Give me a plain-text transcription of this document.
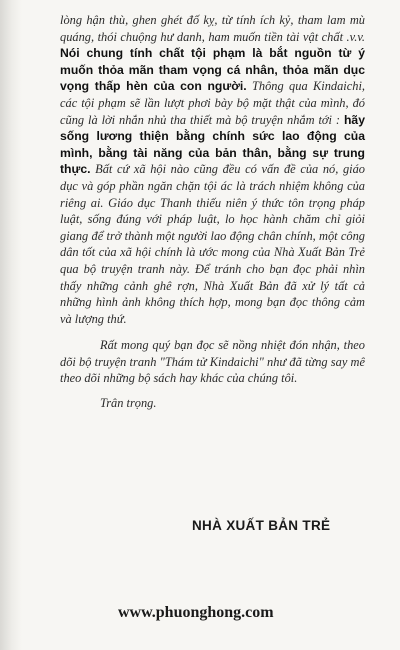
lòng hận thù, ghen ghét đố kỵ, từ tính ích kỷ, tham lam mù quáng, thói chuộng hư danh, ham muốn tiền tài vật chất .v.v. Nói chung tính chất tội phạm là bắt nguồn từ ý muốn thỏa mãn tham vọng cá nhân, thỏa mãn dục vọng thấp hèn của con người. Thông qua Kindaichi, các tội phạm sẽ lần lượt phơi bày bộ mặt thật của mình, đó cũng là lời nhắn nhủ tha thiết mà bộ truyện nhắm tới : hãy sống lương thiện bằng chính sức lao động của mình, bằng tài năng của bản thân, bằng sự trung thực. Bất cứ xã hội nào cũng đều có vấn đề của nó, giáo dục và góp phần ngăn chặn tội ác là trách nhiệm không của riêng ai. Giáo dục Thanh thiếu niên ý thức tôn trọng pháp luật, sống đúng với pháp luật, lo học hành chăm chỉ giỏi giang để trở thành một người lao động chân chính, một công dân tốt của xã hội chính là ước mong của Nhà Xuất Bản Trẻ qua bộ truyện tranh này. Để tránh cho bạn đọc phải nhìn thấy những cảnh ghê rợn, Nhà Xuất Bản đã xử lý tất cả những hình ảnh không thích hợp, mong bạn đọc thông cảm và lượng thứ.

Rất mong quý bạn đọc sẽ nồng nhiệt đón nhận, theo dõi bộ truyện tranh "Thám tử Kindaichi" như đã từng say mê theo dõi những bộ sách hay khác của chúng tôi.

Trân trọng.

NHÀ XUẤT BẢN TRẺ
www.phuonghong.com
